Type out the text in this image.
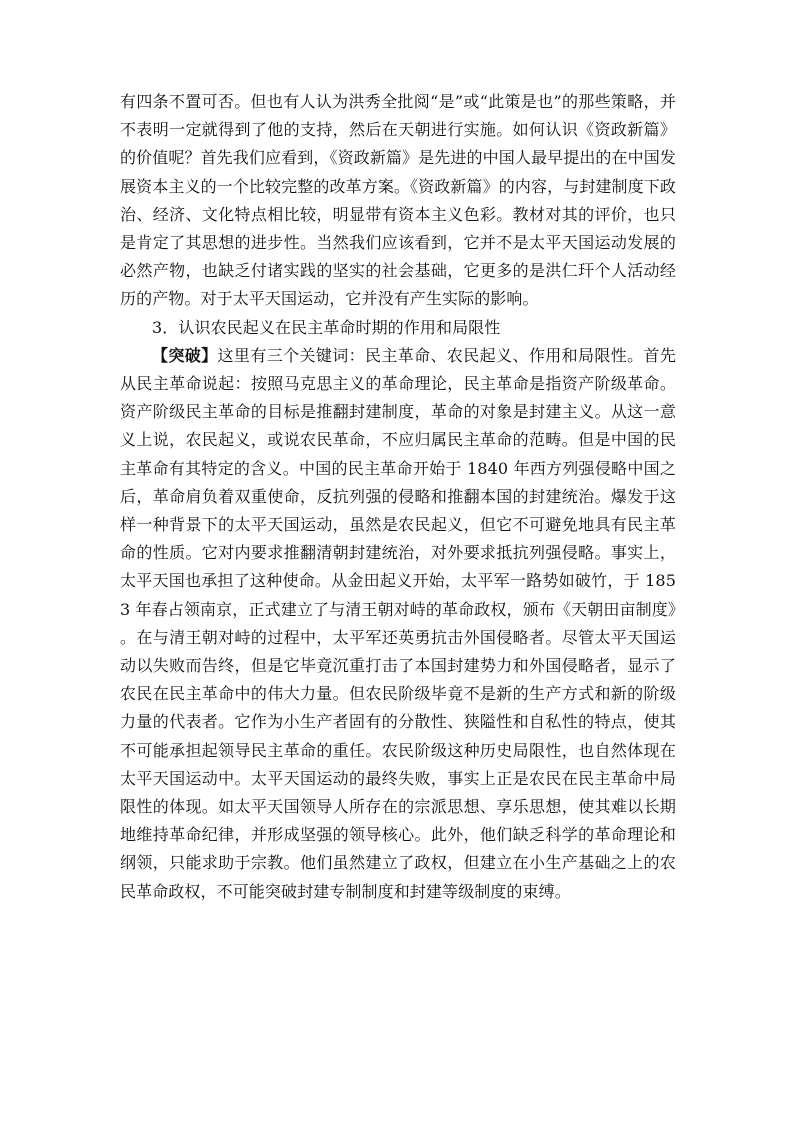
有四条不置可否。但也有人认为洪秀全批阅“是”或“此策是也”的那些策略，并不表明一定就得到了他的支持，然后在天朝进行实施。如何认识《资政新篇》的价值呢？首先我们应看到，《资政新篇》是先进的中国人最早提出的在中国发展资本主义的一个比较完整的改革方案。《资政新篇》的内容，与封建制度下政治、经济、文化特点相比较，明显带有资本主义色彩。教材对其的评价，也只是肯定了其思想的进步性。当然我们应该看到，它并不是太平天国运动发展的必然产物，也缺乏付诸实践的坚实的社会基础，它更多的是洪仁玕个人活动经历的产物。对于太平天国运动，它并没有产生实际的影响。

3．认识农民起义在民主革命时期的作用和局限性

【突破】这里有三个关键词：民主革命、农民起义、作用和局限性。首先从民主革命说起：按照马克思主义的革命理论，民主革命是指资产阶级革命。资产阶级民主革命的目标是推翻封建制度，革命的对象是封建主义。从这一意义上说，农民起义，或说农民革命，不应归属民主革命的范畴。但是中国的民主革命有其特定的含义。中国的民主革命开始于 1840 年西方列强侵略中国之后，革命肩负着双重使命，反抗列强的侵略和推翻本国的封建统治。爆发于这样一种背景下的太平天国运动，虽然是农民起义，但它不可避免地具有民主革命的性质。它对内要求推翻清朝封建统治，对外要求抵抗列强侵略。事实上，太平天国也承担了这种使命。从金田起义开始，太平军一路势如破竹，于 1853 年春占领南京，正式建立了与清王朝对峙的革命政权，颁布《天朝田亩制度》。在与清王朝对峙的过程中，太平军还英勇抗击外国侵略者。尽管太平天国运动以失败而告终，但是它毕竟沉重打击了本国封建势力和外国侵略者，显示了农民在民主革命中的伟大力量。但农民阶级毕竟不是新的生产方式和新的阶级力量的代表者。它作为小生产者固有的分散性、狭隘性和自私性的特点，使其不可能承担起领导民主革命的重任。农民阶级这种历史局限性，也自然体现在太平天国运动中。太平天国运动的最终失败，事实上正是农民在民主革命中局限性的体现。如太平天国领导人所存在的宗派思想、享乐思想，使其难以长期地维持革命纪律，并形成坚强的领导核心。此外，他们缺乏科学的革命理论和纲领，只能求助于宗教。他们虽然建立了政权，但建立在小生产基础之上的农民革命政权，不可能突破封建专制制度和封建等级制度的束缚。
